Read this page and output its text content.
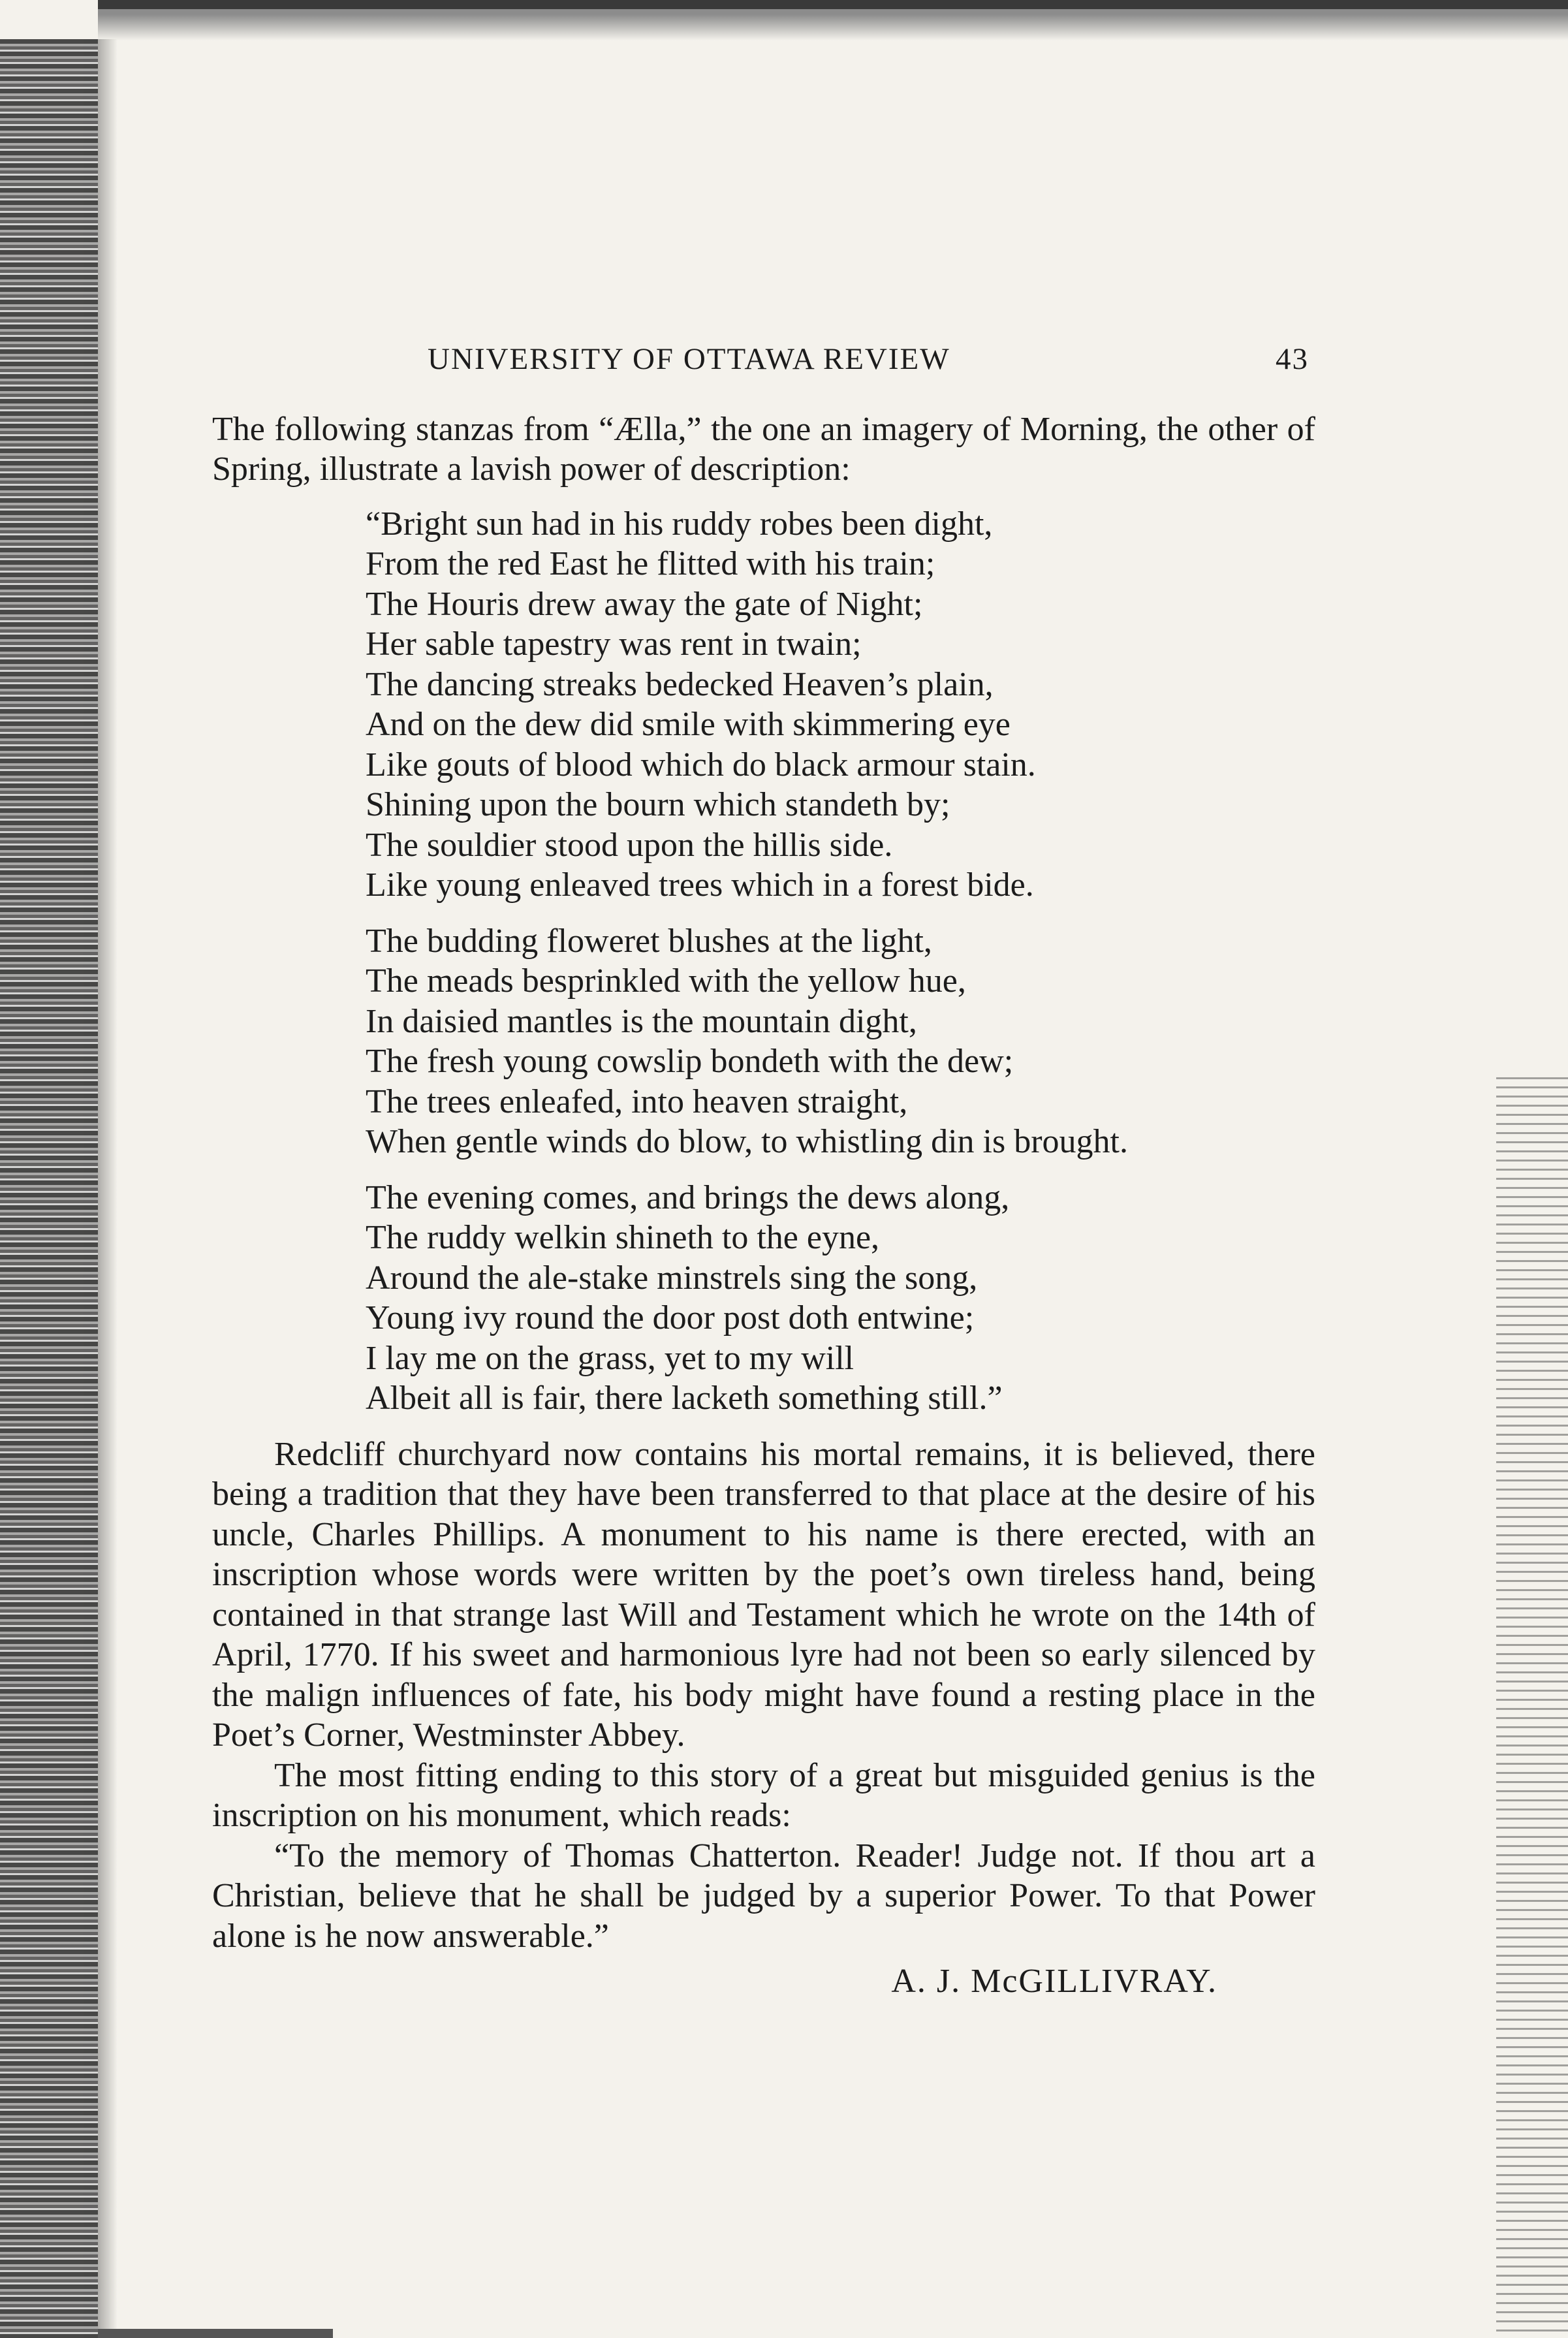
UNIVERSITY OF OTTAWA REVIEW	43

The following stanzas from “Ælla,” the one an imagery of Morning, the other of Spring, illustrate a lavish power of description:

“Bright sun had in his ruddy robes been dight,
From the red East he flitted with his train;
The Houris drew away the gate of Night;
Her sable tapestry was rent in twain;
The dancing streaks bedecked Heaven’s plain,
And on the dew did smile with skimmering eye
Like gouts of blood which do black armour stain.
Shining upon the bourn which standeth by;
The souldier stood upon the hillis side.
Like young enleaved trees which in a forest bide.
The budding floweret blushes at the light,
The meads besprinkled with the yellow hue,
In daisied mantles is the mountain dight,
The fresh young cowslip bondeth with the dew;
The trees enleafed, into heaven straight,
When gentle winds do blow, to whistling din is brought.
The evening comes, and brings the dews along,
The ruddy welkin shineth to the eyne,
Around the ale-stake minstrels sing the song,
Young ivy round the door post doth entwine;
I lay me on the grass, yet to my will
Albeit all is fair, there lacketh something still.”

Redcliff churchyard now contains his mortal remains, it is believed, there being a tradition that they have been transferred to that place at the desire of his uncle, Charles Phillips. A monument to his name is there erected, with an inscription whose words were written by the poet’s own tireless hand, being contained in that strange last Will and Testament which he wrote on the 14th of April, 1770. If his sweet and harmonious lyre had not been so early silenced by the malign influences of fate, his body might have found a resting place in the Poet’s Corner, Westminster Abbey.

The most fitting ending to this story of a great but misguided genius is the inscription on his monument, which reads:

“To the memory of Thomas Chatterton. Reader! Judge not. If thou art a Christian, believe that he shall be judged by a superior Power. To that Power alone is he now answerable.”

A. J. McGILLIVRAY.
